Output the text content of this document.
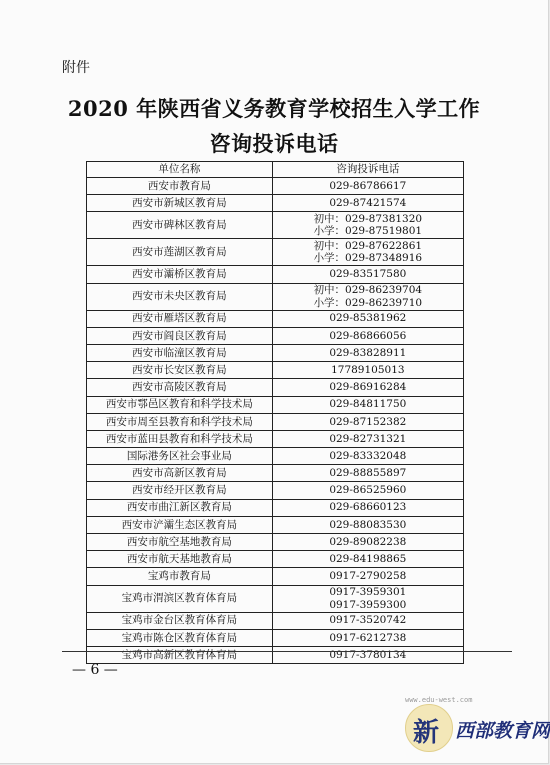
附件
2020 年陕西省义务教育学校招生入学工作
咨询投诉电话
单位名称	咨询投诉电话
西安市教育局	029-86786617

西安市新城区教育局	029-87421574

西安市碑林区教育局	初中：029-87381320
小学：029-87519801

西安市莲湖区教育局	初中：029-87622861
小学：029-87348916

西安市灞桥区教育局	029-83517580

西安市未央区教育局	初中：029-86239704
小学：029-86239710

西安市雁塔区教育局	029-85381962

西安市阎良区教育局	029-86866056

西安市临潼区教育局	029-83828911

西安市长安区教育局	17789105013

西安市高陵区教育局	029-86916284

西安市鄠邑区教育和科学技术局	029-84811750

西安市周至县教育和科学技术局	029-87152382

西安市蓝田县教育和科学技术局	029-82731321

国际港务区社会事业局	029-83332048

西安市高新区教育局	029-88855897

西安市经开区教育局	029-86525960

西安市曲江新区教育局	029-68660123

西安市浐灞生态区教育局	029-88083530

西安市航空基地教育局	029-89082238

西安市航天基地教育局	029-84198865

宝鸡市教育局	0917-2790258

宝鸡市渭滨区教育体育局	0917-3959301
0917-3959300

宝鸡市金台区教育体育局	0917-3520742

宝鸡市陈仓区教育体育局	0917-6212738

宝鸡市高新区教育体育局	0917-3780134
— 6 —
新 西部教育网
www.edu-west.com
